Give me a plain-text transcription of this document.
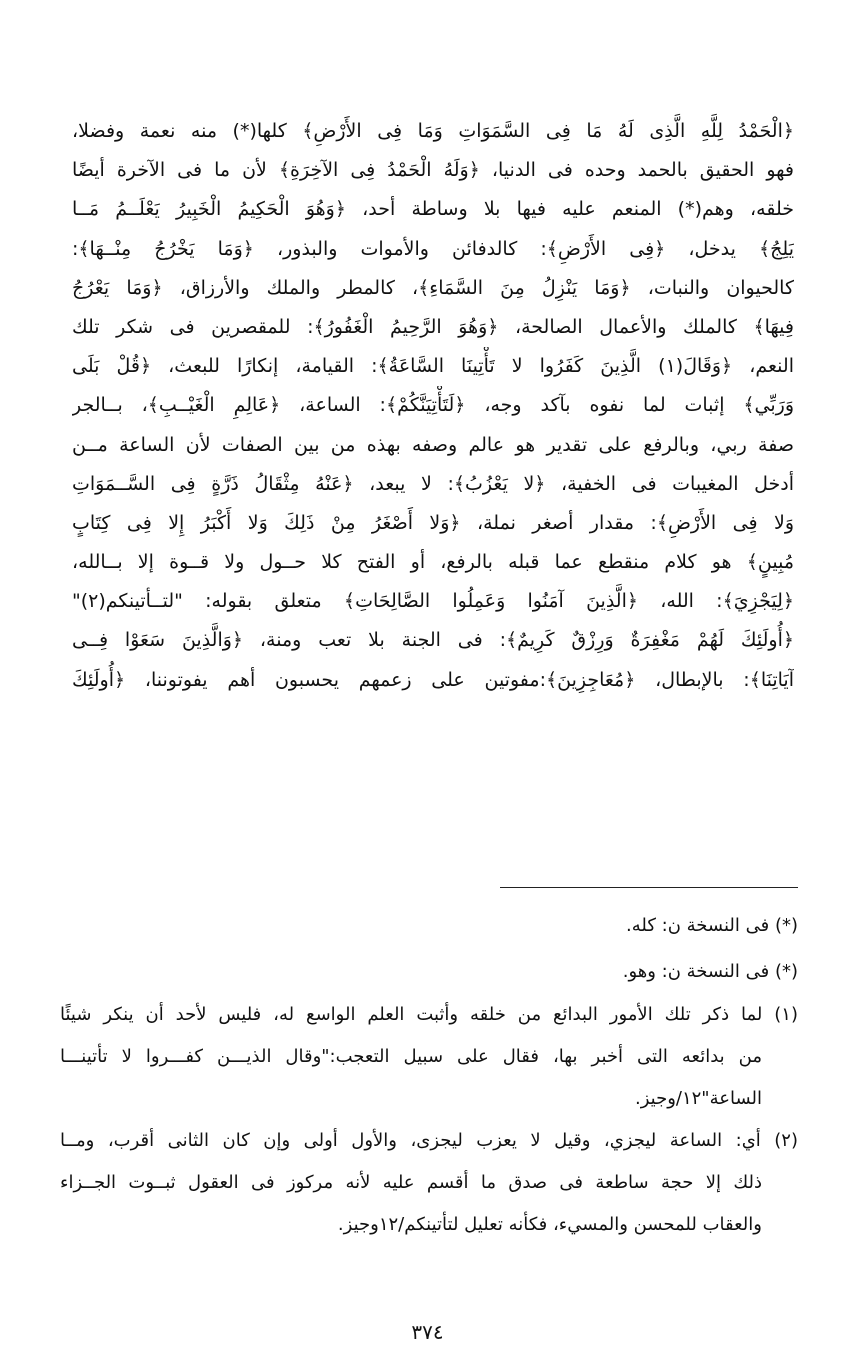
﴿الْحَمْدُ لِلَّهِ الَّذِى لَهُ مَا فِى السَّمَوَاتِ وَمَا فِى الأَرْضِ﴾ كلها(*) منه نعمة وفضلا،
فهو الحقيق بالحمد وحده فى الدنيا، ﴿وَلَهُ الْحَمْدُ فِى الآخِرَةِ﴾ لأن ما فى الآخرة أيضًا
خلقه، وهم(*) المنعم عليه فيها بلا وساطة أحد، ﴿وَهُوَ الْحَكِيمُ الْخَبِيرُ يَعْلَــمُ مَــا
يَلِجُ﴾ يدخل، ﴿فِى الأَرْضِ﴾: كالدفائن والأموات والبذور، ﴿وَمَا يَخْرُجُ مِنْــهَا﴾:
كالحيوان والنبات، ﴿وَمَا يَنْزِلُ مِنَ السَّمَاءِ﴾، كالمطر والملك والأرزاق، ﴿وَمَا يَعْرُجُ
فِيهَا﴾ كالملك والأعمال الصالحة، ﴿وَهُوَ الرَّحِيمُ الْغَفُورُ﴾: للمقصرين فى شكر تلك
النعم، ﴿وَقَالَ(١) الَّذِينَ كَفَرُوا لا تَأْتِينَا السَّاعَةُ﴾: القيامة، إنكارًا للبعث، ﴿قُلْ بَلَى
وَرَبِّي﴾ إثبات لما نفوه بآكد وجه، ﴿لَتَأْتِيَنَّكُمْ﴾: الساعة، ﴿عَالِمِ الْغَيْــبِ﴾، بــالجر
صفة ربي، وبالرفع على تقدير هو عالم وصفه بهذه من بين الصفات لأن الساعة مــن
أدخل المغيبات فى الخفية، ﴿لا يَعْزُبُ﴾: لا يبعد، ﴿عَنْهُ مِثْقَالُ ذَرَّةٍ فِى السَّــمَوَاتِ
وَلا فِى الأَرْضِ﴾: مقدار أصغر نملة، ﴿وَلا أَصْغَرُ مِنْ ذَلِكَ وَلا أَكْبَرُ إِلا فِى كِتَابٍ
مُبِينٍ﴾ هو كلام منقطع عما قبله بالرفع، أو الفتح كلا حــول ولا قــوة إلا بــالله،
﴿لِيَجْزِيَ﴾: الله، ﴿الَّذِينَ آمَنُوا وَعَمِلُوا الصَّالِحَاتِ﴾ متعلق بقوله: "لتــأتينكم(٢)"
﴿أُولَئِكَ لَهُمْ مَغْفِرَةٌ وَرِزْقٌ كَرِيمٌ﴾: فى الجنة بلا تعب ومنة، ﴿وَالَّذِينَ سَعَوْا فِــى
آيَاتِنَا﴾: بالإبطال، ﴿مُعَاجِزِينَ﴾:مفوتين على زعمهم يحسبون أهم يفوتوننا، ﴿أُولَئِكَ
(*) فى النسخة ن: كله.
(*) فى النسخة ن: وهو.
(١) لما ذكر تلك الأمور البدائع من خلقه وأثبت العلم الواسع له، فليس لأحد أن ينكر شيئًا
من بدائعه التى أخبر بها، فقال على سبيل التعجب:"وقال الذيـــن كفـــروا لا تأتينـــا
الساعة"١٢/وجيز.
(٢) أي: الساعة ليجزي، وقيل لا يعزب ليجزى، والأول أولى وإن كان الثانى أقرب، ومــا
ذلك إلا حجة ساطعة فى صدق ما أقسم عليه لأنه مركوز فى العقول ثبــوت الجــزاء
والعقاب للمحسن والمسيء، فكأنه تعليل لتأتينكم/١٢وجيز.
٣٧٤
